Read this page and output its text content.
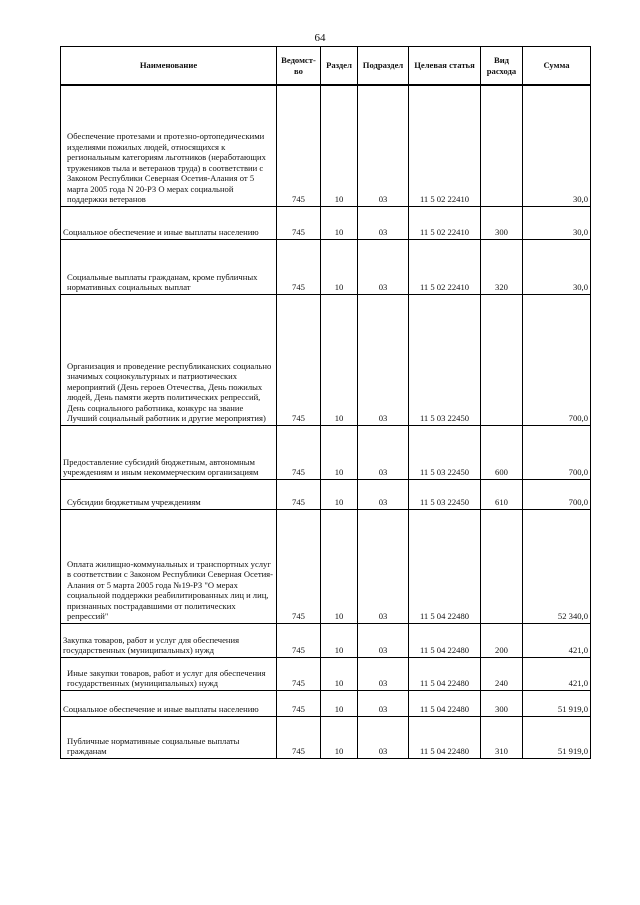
64
Наименование	Ведомст-во	Раздел	Подраздел	Целевая статья	Вид расхода	Сумма
Обеспечение протезами и протезно-ортопедическими изделиями пожилых людей, относящихся к региональным категориям льготников (неработающих тружеников тыла и ветеранов труда) в соответствии с Законом Республики Северная Осетия-Алания от 5 марта 2005 года N 20-РЗ О мерах социальной поддержки ветеранов	745	10	03	11 5 02 22410		30,0
Социальное обеспечение и иные выплаты населению	745	10	03	11 5 02 22410	300	30,0
Социальные выплаты гражданам, кроме публичных нормативных социальных выплат	745	10	03	11 5 02 22410	320	30,0
Организация и проведение республиканских социально значимых социокультурных и патриотических мероприятий (День героев Отечества, День пожилых людей, День памяти жертв политических репрессий, День социального работника, конкурс на звание Лучший социальный работник и другие мероприятия)	745	10	03	11 5 03 22450		700,0
Предоставление субсидий бюджетным, автономным учреждениям и иным некоммерческим организациям	745	10	03	11 5 03 22450	600	700,0
Субсидии бюджетным учреждениям	745	10	03	11 5 03 22450	610	700,0
Оплата жилищно-коммунальных и транспортных услуг в соответствии с Законом Республики Северная Осетия-Алания от 5 марта 2005 года №19-РЗ "О мерах социальной поддержки реабилитированных лиц и лиц, признанных пострадавшими от политических репрессий"	745	10	03	11 5 04 22480		52 340,0
Закупка товаров, работ и услуг для обеспечения государственных (муниципальных) нужд	745	10	03	11 5 04 22480	200	421,0
Иные закупки товаров, работ и услуг для обеспечения государственных (муниципальных) нужд	745	10	03	11 5 04 22480	240	421,0
Социальное обеспечение и иные выплаты населению	745	10	03	11 5 04 22480	300	51 919,0
Публичные нормативные социальные выплаты гражданам	745	10	03	11 5 04 22480	310	51 919,0
